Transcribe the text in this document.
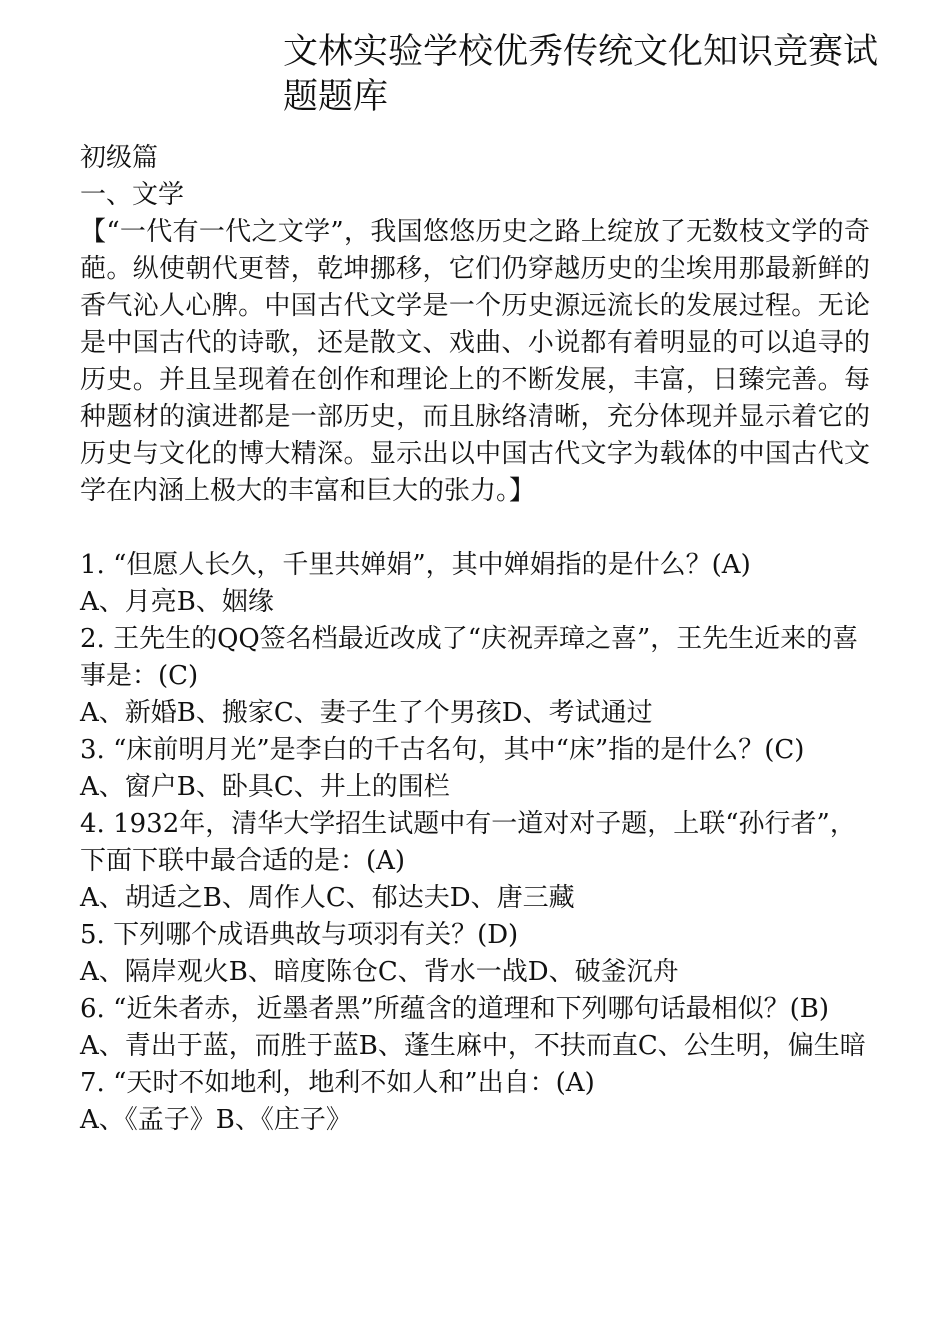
文林实验学校优秀传统文化知识竞赛试题题库
初级篇
一、文学
【“一代有一代之文学”，我国悠悠历史之路上绽放了无数枝文学的奇葩。纵使朝代更替，乾坤挪移，它们仍穿越历史的尘埃用那最新鲜的香气沁人心脾。中国古代文学是一个历史源远流长的发展过程。无论是中国古代的诗歌，还是散文、戏曲、小说都有着明显的可以追寻的历史。并且呈现着在创作和理论上的不断发展，丰富，日臻完善。每种题材的演进都是一部历史，而且脉络清晰，充分体现并显示着它的历史与文化的博大精深。显示出以中国古代文字为载体的中国古代文学在内涵上极大的丰富和巨大的张力。】
1. “但愿人长久，千里共婵娟”，其中婵娟指的是什么？(A)
A、月亮B、姻缘
2. 王先生的QQ签名档最近改成了“庆祝弄璋之喜”，王先生近来的喜事是：(C)
A、新婚B、搬家C、妻子生了个男孩D、考试通过
3. “床前明月光”是李白的千古名句，其中“床”指的是什么？(C)
A、窗户B、卧具C、井上的围栏
4. 1932年，清华大学招生试题中有一道对对子题，上联“孙行者”，下面下联中最合适的是：(A)
A、胡适之B、周作人C、郁达夫D、唐三藏
5. 下列哪个成语典故与项羽有关？(D)
A、隔岸观火B、暗度陈仓C、背水一战D、破釜沉舟
6. “近朱者赤，近墨者黑”所蕴含的道理和下列哪句话最相似？(B)
A、青出于蓝，而胜于蓝B、蓬生麻中，不扶而直C、公生明，偏生暗
7. “天时不如地利，地利不如人和”出自：(A)
A、《孟子》B、《庄子》
